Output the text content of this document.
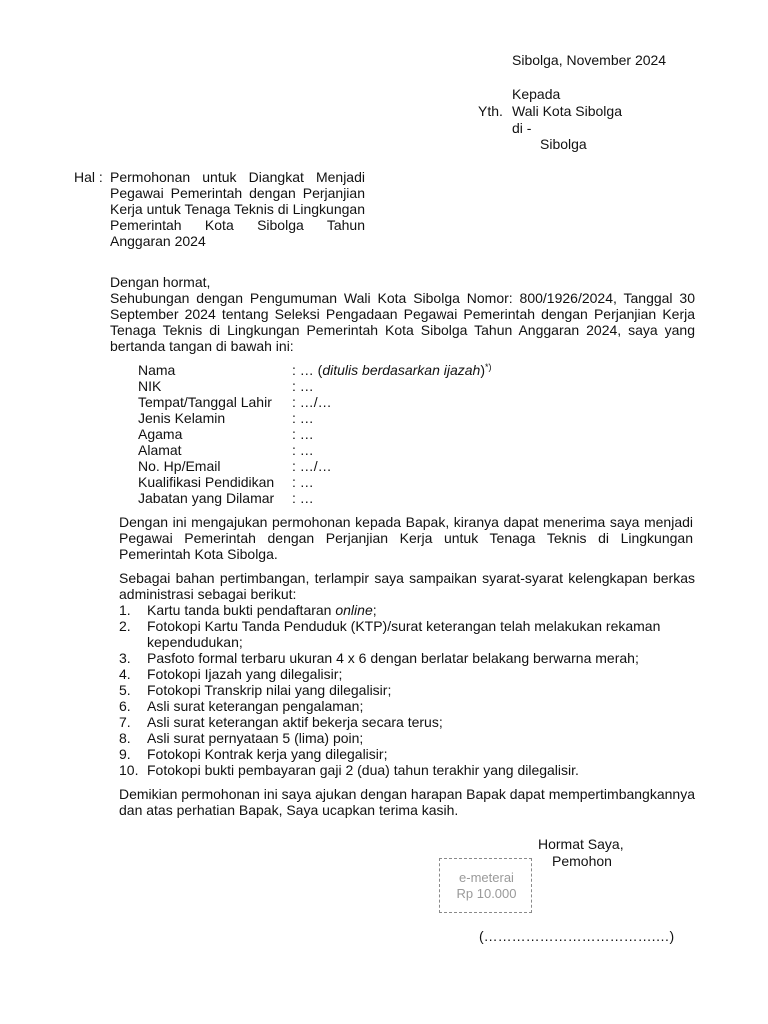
Sibolga, November 2024
Kepada
Yth. Wali Kota Sibolga
di -
Sibolga
Hal : Permohonan untuk Diangkat Menjadi Pegawai Pemerintah dengan Perjanjian Kerja untuk Tenaga Teknis di Lingkungan Pemerintah Kota Sibolga Tahun Anggaran 2024
Dengan hormat,
Sehubungan dengan Pengumuman Wali Kota Sibolga Nomor: 800/1926/2024, Tanggal 30 September 2024 tentang Seleksi Pengadaan Pegawai Pemerintah dengan Perjanjian Kerja Tenaga Teknis di Lingkungan Pemerintah Kota Sibolga Tahun Anggaran 2024, saya yang bertanda tangan di bawah ini:
Nama	: … (ditulis berdasarkan ijazah)*)
NIK	: …
Tempat/Tanggal Lahir : …/…
Jenis Kelamin	: …
Agama	: …
Alamat	: …
No. Hp/Email	: …/…
Kualifikasi Pendidikan : …
Jabatan yang Dilamar : …
Dengan ini mengajukan permohonan kepada Bapak, kiranya dapat menerima saya menjadi Pegawai Pemerintah dengan Perjanjian Kerja untuk Tenaga Teknis di Lingkungan Pemerintah Kota Sibolga.
Sebagai bahan pertimbangan, terlampir saya sampaikan syarat-syarat kelengkapan berkas administrasi sebagai berikut:
1. Kartu tanda bukti pendaftaran online;
2. Fotokopi Kartu Tanda Penduduk (KTP)/surat keterangan telah melakukan rekaman kependudukan;
3. Pasfoto formal terbaru ukuran 4 x 6 dengan berlatar belakang berwarna merah;
4. Fotokopi Ijazah yang dilegalisir;
5. Fotokopi Transkrip nilai yang dilegalisir;
6. Asli surat keterangan pengalaman;
7. Asli surat keterangan aktif bekerja secara terus;
8. Asli surat pernyataan 5 (lima) poin;
9. Fotokopi Kontrak kerja yang dilegalisir;
10. Fotokopi bukti pembayaran gaji 2 (dua) tahun terakhir yang dilegalisir.
Demikian permohonan ini saya ajukan dengan harapan Bapak dapat mempertimbangkannya dan atas perhatian Bapak, Saya ucapkan terima kasih.
Hormat Saya,
Pemohon
e-meterai
Rp 10.000
(……………………………….…)
